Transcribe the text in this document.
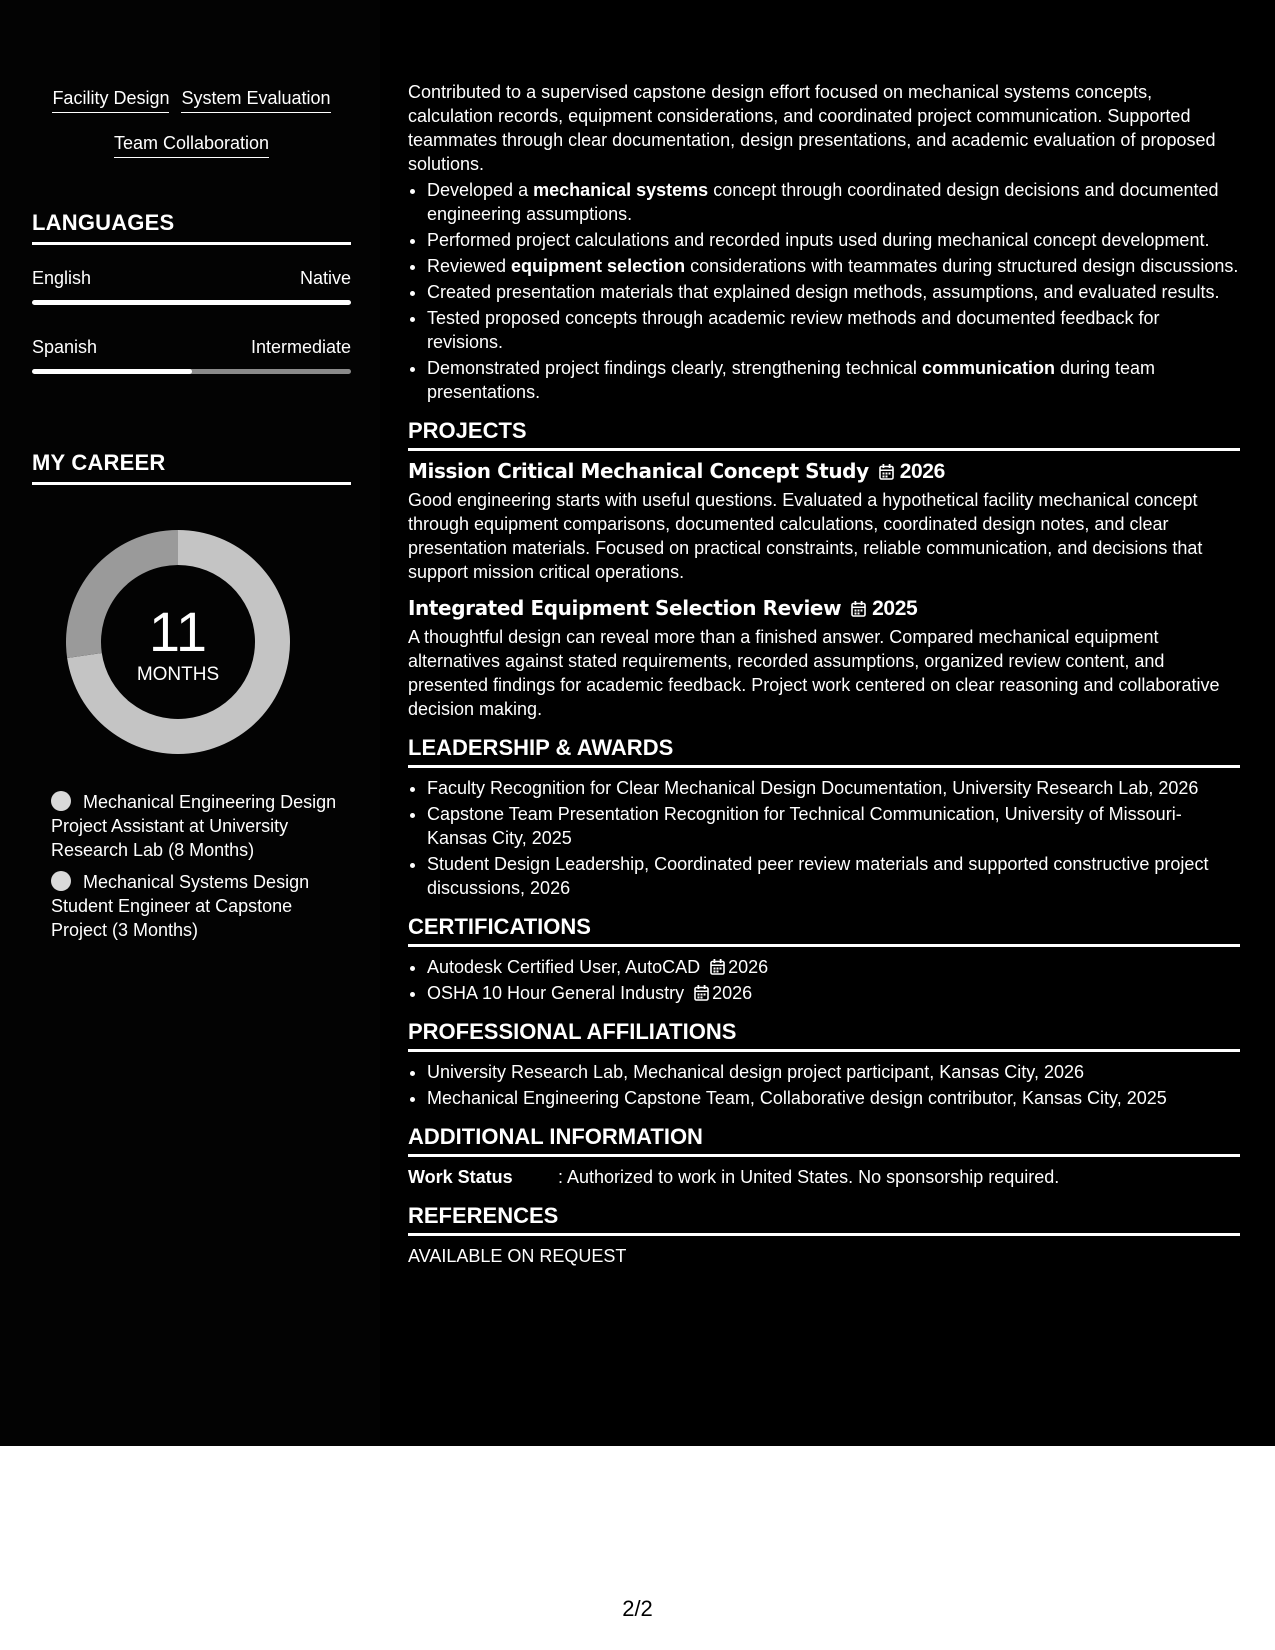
Facility Design System Evaluation
Team Collaboration
LANGUAGES
English	Native
Spanish	Intermediate
MY CAREER
11
MONTHS
Mechanical Engineering Design Project Assistant at University Research Lab (8 Months)
Mechanical Systems Design Student Engineer at Capstone Project (3 Months)

Contributed to a supervised capstone design effort focused on mechanical systems concepts, calculation records, equipment considerations, and coordinated project communication. Supported teammates through clear documentation, design presentations, and academic evaluation of proposed solutions.

• Developed a mechanical systems concept through coordinated design decisions and documented engineering assumptions.
• Performed project calculations and recorded inputs used during mechanical concept development.
• Reviewed equipment selection considerations with teammates during structured design discussions.
• Created presentation materials that explained design methods, assumptions, and evaluated results.
• Tested proposed concepts through academic review methods and documented feedback for revisions.
• Demonstrated project findings clearly, strengthening technical communication during team presentations.
PROJECTS
Mission Critical Mechanical Concept Study 2026

Good engineering starts with useful questions. Evaluated a hypothetical facility mechanical concept through equipment comparisons, documented calculations, coordinated design notes, and clear presentation materials. Focused on practical constraints, reliable communication, and decisions that support mission critical operations.

Integrated Equipment Selection Review 2025

A thoughtful design can reveal more than a finished answer. Compared mechanical equipment alternatives against stated requirements, recorded assumptions, organized review content, and presented findings for academic feedback. Project work centered on clear reasoning and collaborative decision making.

LEADERSHIP & AWARDS
• Faculty Recognition for Clear Mechanical Design Documentation, University Research Lab, 2026
• Capstone Team Presentation Recognition for Technical Communication, University of Missouri-Kansas City, 2025
• Student Design Leadership, Coordinated peer review materials and supported constructive project discussions, 2026
CERTIFICATIONS
• Autodesk Certified User, AutoCAD 2026
• OSHA 10 Hour General Industry 2026
PROFESSIONAL AFFILIATIONS
• University Research Lab, Mechanical design project participant, Kansas City, 2026
• Mechanical Engineering Capstone Team, Collaborative design contributor, Kansas City, 2025
ADDITIONAL INFORMATION
Work Status	: Authorized to work in United States. No sponsorship required.
REFERENCES
AVAILABLE ON REQUEST
2/2
